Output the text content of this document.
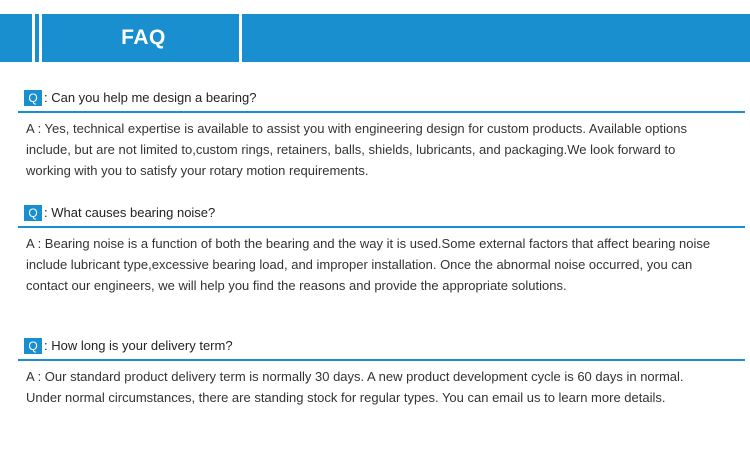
FAQ
Q : Can you help me design a bearing?

A : Yes, technical expertise is available to assist you with engineering design for custom products. Available options include, but are not limited to,custom rings, retainers, balls, shields, lubricants, and packaging.We look forward to working with you to satisfy your rotary motion requirements.

Q : What causes bearing noise?

A : Bearing noise is a function of both the bearing and the way it is used.Some external factors that affect bearing noise include lubricant type,excessive bearing load, and improper installation. Once the abnormal noise occurred, you can contact our engineers, we will help you find the reasons and provide the appropriate solutions.

Q : How long is your delivery term?

A : Our standard product delivery term is normally 30 days. A new product development cycle is 60 days in normal. Under normal circumstances, there are standing stock for regular types. You can email us to learn more details.
